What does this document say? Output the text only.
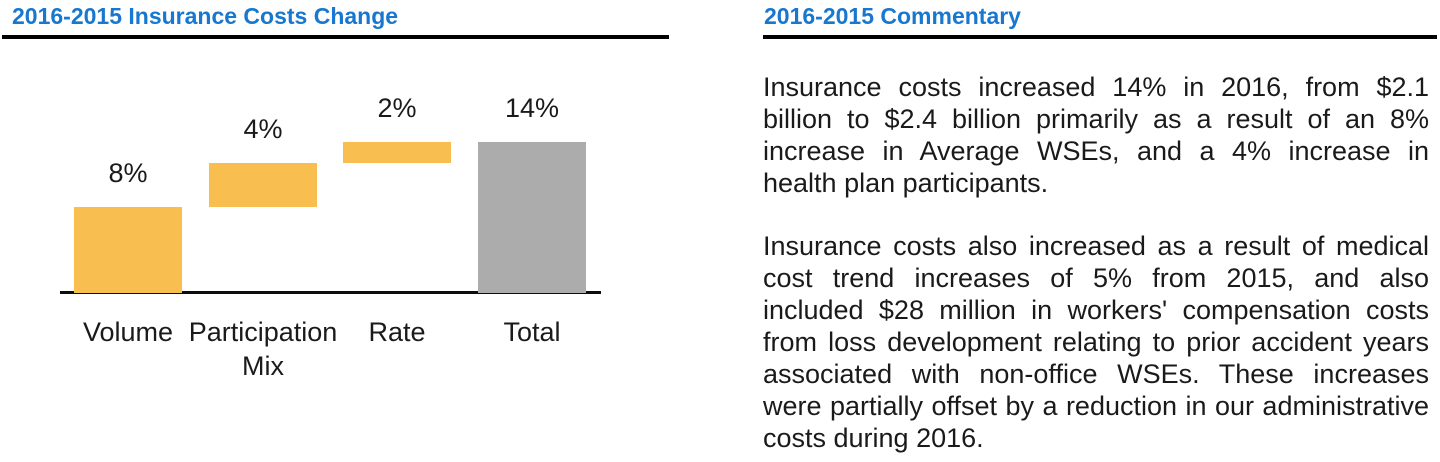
2016-2015 Insurance Costs Change
8%
Volume
4%
Participation Mix
2%
Rate
14%
Total
2016-2015 Commentary

Insurance costs increased 14% in 2016, from $2.1 billion to $2.4 billion primarily as a result of an 8% increase in Average WSEs, and a 4% increase in health plan participants.

Insurance costs also increased as a result of medical cost trend increases of 5% from 2015, and also included $28 million in workers' compensation costs from loss development relating to prior accident years associated with non-office WSEs. These increases were partially offset by a reduction in our administrative costs during 2016.
